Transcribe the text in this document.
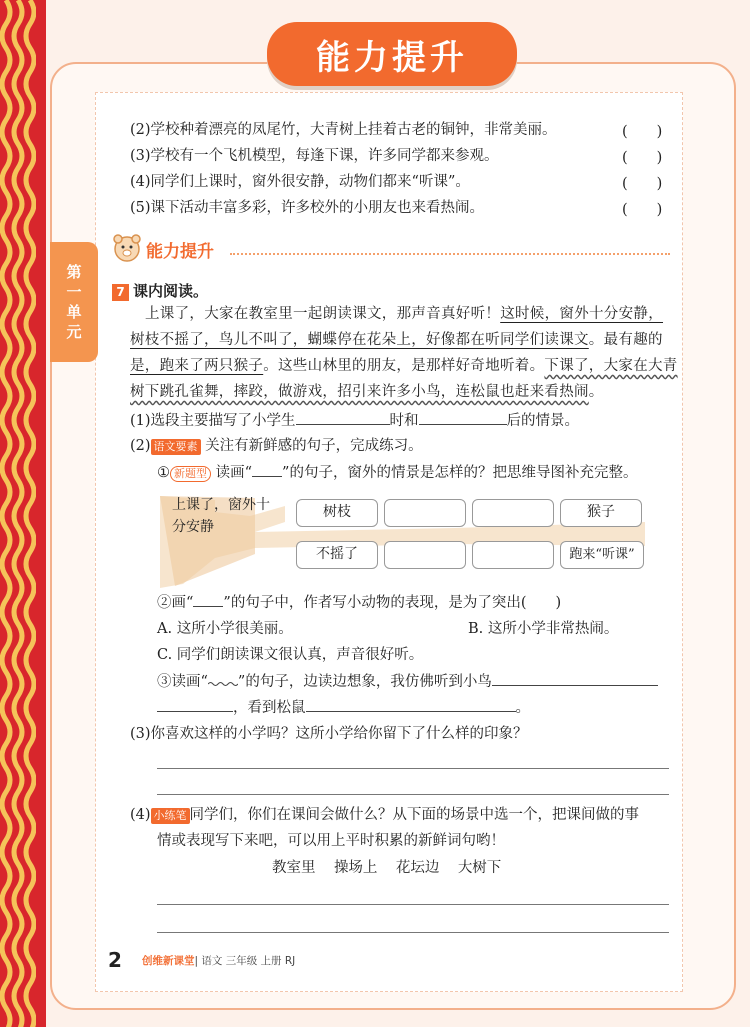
能力提升
第
一
单
元
(2)学校种着漂亮的凤尾竹，大青树上挂着古老的铜钟，非常美丽。	(　　)
(3)学校有一个飞机模型，每逢下课，许多同学都来参观。	(　　)
(4)同学们上课时，窗外很安静，动物们都来“听课”。	(　　)
(5)课下活动丰富多彩，许多校外的小朋友也来看热闹。	(　　)
能力提升
7 课内阅读。
上课了，大家在教室里一起朗读课文，那声音真好听！这时候，窗外十分安静，
树枝不摇了，鸟儿不叫了，蝴蝶停在花朵上，好像都在听同学们读课文。最有趣的
是，跑来了两只猴子。这些山林里的朋友，是那样好奇地听着。下课了，大家在大青
树下跳孔雀舞，摔跤，做游戏，招引来许多小鸟，连松鼠也赶来看热闹。
(1)选段主要描写了小学生	时和	后的情景。
(2) 语文要素 关注有新鲜感的句子，完成练习。
① 新题型 读画“ ”的句子，窗外的情景是怎样的？把思维导图补充完整。
上课了，窗外十分安静
树枝	猴子
不摇了	跑来“听课”
②画“ ”的句子中，作者写小动物的表现，是为了突出(　　)
A. 这所小学很美丽。	B. 这所小学非常热闹。
C. 同学们朗读课文很认真，声音很好听。
③读画“ ”的句子，边读边想象，我仿佛听到小鸟
，看到松鼠	。
(3)你喜欢这样的小学吗？这所小学给你留下了什么样的印象？
(4) 小练笔 同学们，你们在课间会做什么？从下面的场景中选一个，把课间做的事
情或表现写下来吧，可以用上平时积累的新鲜词句哟！
教室里 操场上 花坛边 大树下
2 创维新课堂| 语文 三年级 上册 RJ
